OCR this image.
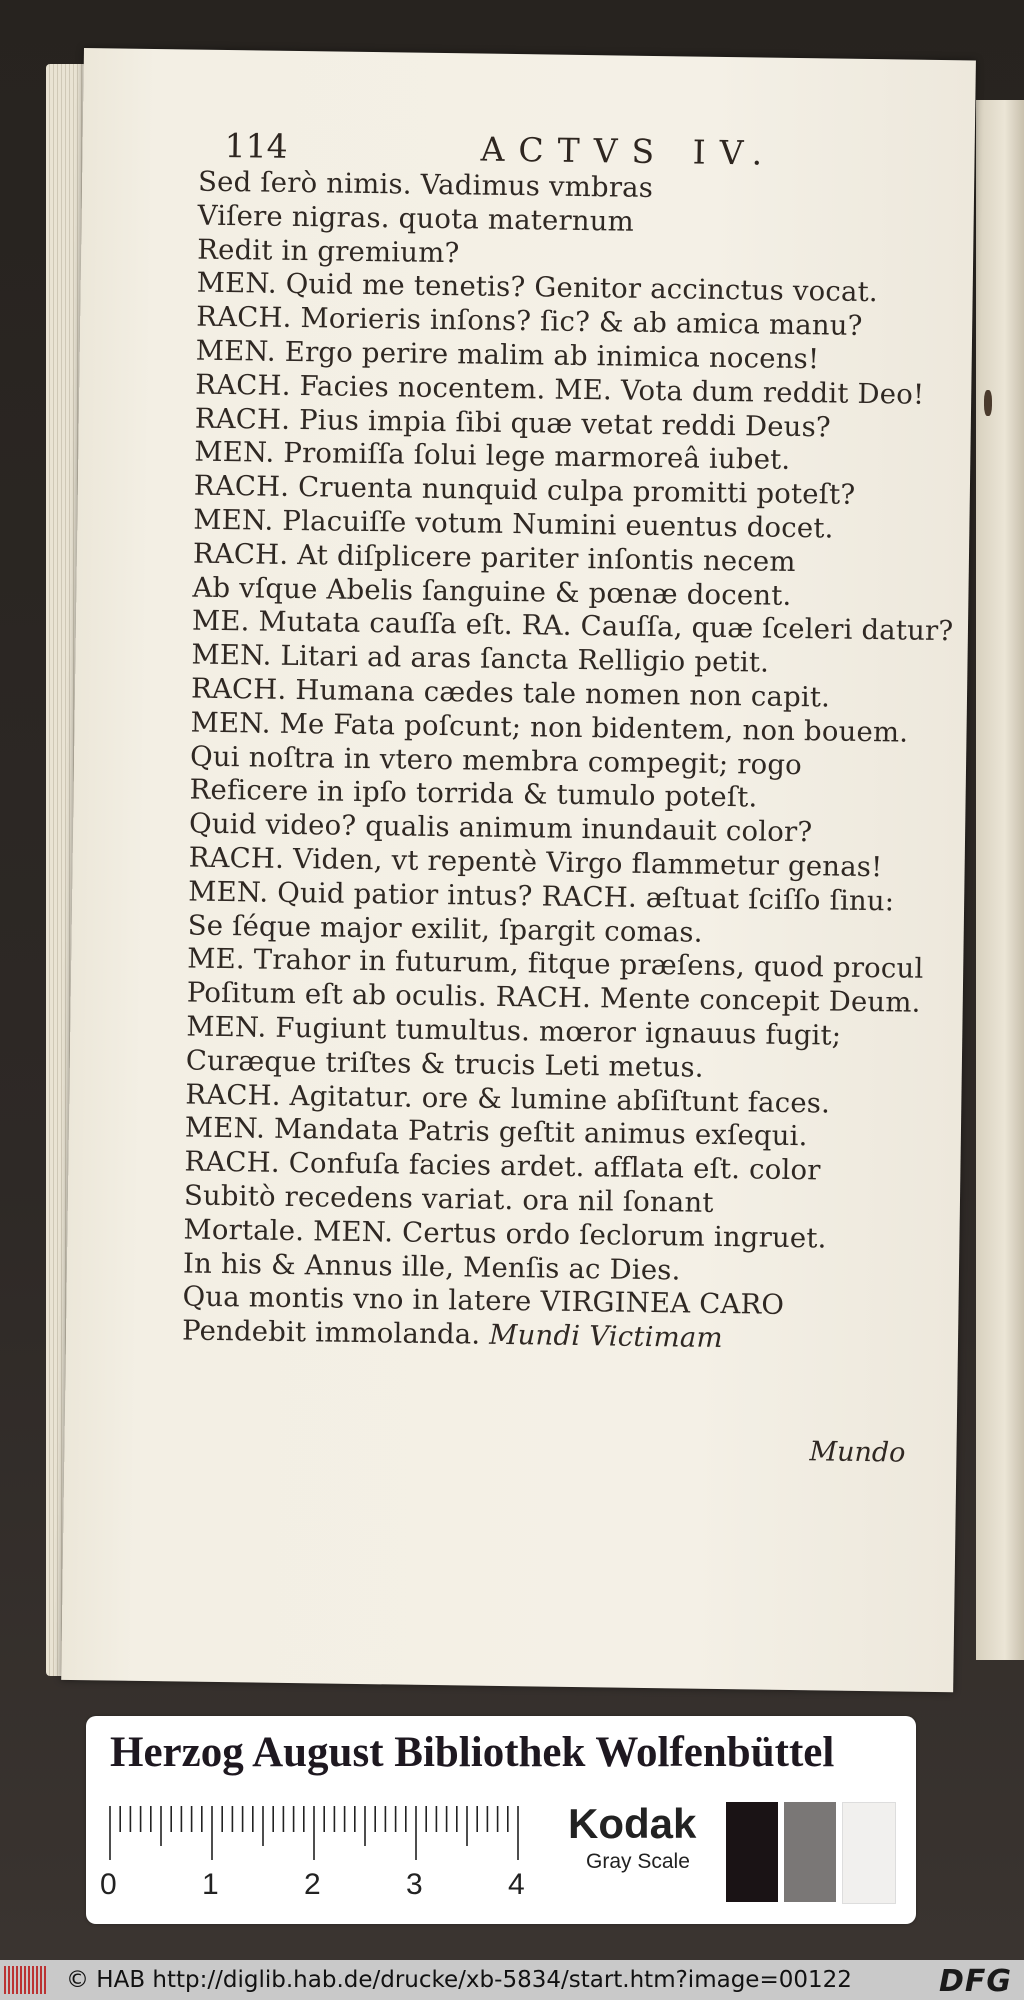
114	ACTVS IV.
Sed ſerò nimis. Vadimus vmbras
Viſere nigras. quota maternum
Redit in gremium?
MEN. Quid me tenetis? Genitor accinctus vocat.
RACH. Morieris inſons? ſic? & ab amica manu?
MEN. Ergo perire malim ab inimica nocens!
RACH. Facies nocentem. ME. Vota dum reddit Deo!
RACH. Pius impia ſibi quæ vetat reddi Deus?
MEN. Promiſſa ſolui lege marmoreâ iubet.
RACH. Cruenta nunquid culpa promitti poteſt?
MEN. Placuiſſe votum Numini euentus docet.
RACH. At diſplicere pariter inſontis necem
Ab vſque Abelis ſanguine & pœnæ docent.
ME. Mutata cauſſa eſt. RA. Cauſſa, quæ ſceleri datur?
MEN. Litari ad aras ſancta Relligio petit.
RACH. Humana cædes tale nomen non capit.
MEN. Me Fata poſcunt; non bidentem, non bouem.
Qui noſtra in vtero membra compegit; rogo
Reficere in ipſo torrida & tumulo poteſt.
Quid video? qualis animum inundauit color?
RACH. Viden, vt repentè Virgo flammetur genas!
MEN. Quid patior intus? RACH. æſtuat ſciſſo ſinu:
Se ſéque major exilit, ſpargit comas.
ME. Trahor in futurum, fitque præſens, quod procul
Poſitum eſt ab oculis. RACH. Mente concepit Deum.
MEN. Fugiunt tumultus. mœror ignauus fugit;
Curæque triſtes & trucis Leti metus.
RACH. Agitatur. ore & lumine abſiſtunt faces.
MEN. Mandata Patris geſtit animus exſequi.
RACH. Confuſa facies ardet. afflata eſt. color
Subitò recedens variat. ora nil ſonant
Mortale. MEN. Certus ordo ſeclorum ingruet.
In his & Annus ille, Menſis ac Dies.
Qua montis vno in latere VIRGINEA CARO
Pendebit immolanda. Mundi Victimam
Mundo
Herzog August Bibliothek Wolfenbüttel
0	1	2	3	4
Kodak
Gray Scale
© HAB http://diglib.hab.de/drucke/xb-5834/start.htm?image=00122	DFG
